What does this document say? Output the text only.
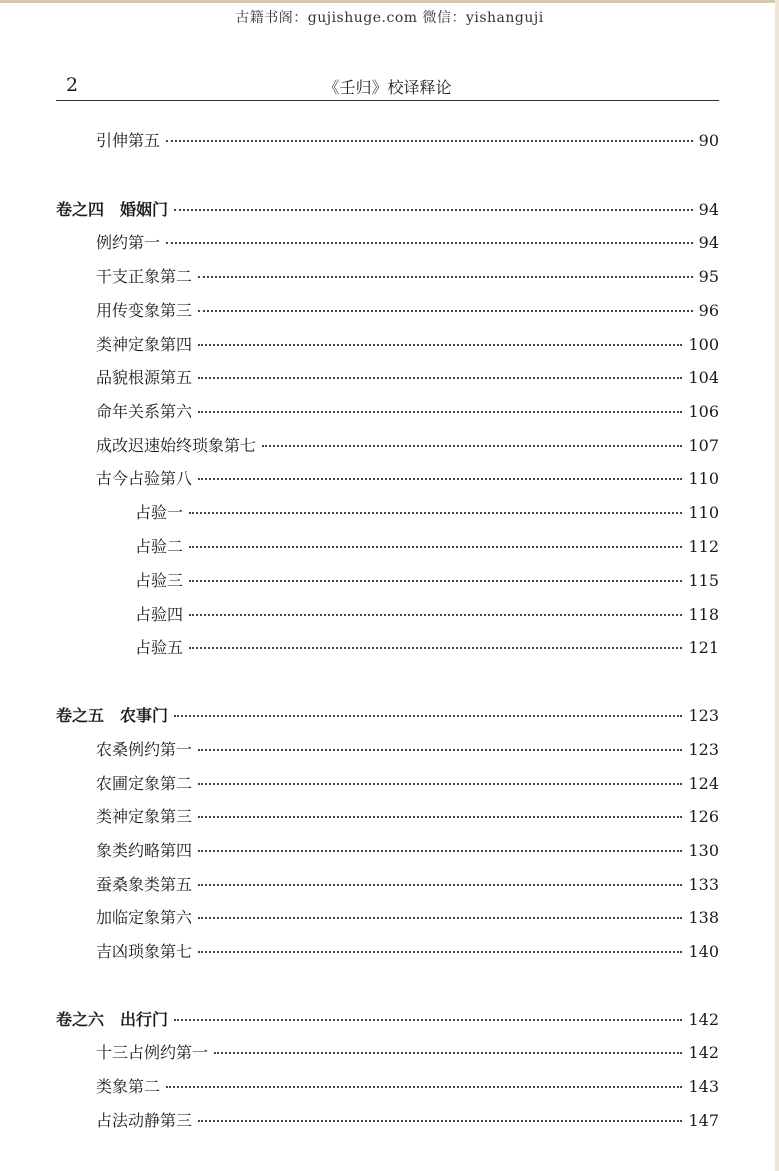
古籍书阁：gujishuge.com 微信：yishanguji
2	《壬归》校译释论
引伸第五	90
卷之四 婚姻门	94
例约第一	94
干支正象第二	95
用传变象第三	96
类神定象第四	100
品貌根源第五	104
命年关系第六	106
成改迟速始终琐象第七	107
古今占验第八	110
占验一	110
占验二	112
占验三	115
占验四	118
占验五	121
卷之五 农事门	123
农桑例约第一	123
农圃定象第二	124
类神定象第三	126
象类约略第四	130
蚕桑象类第五	133
加临定象第六	138
吉凶琐象第七	140
卷之六 出行门	142
十三占例约第一	142
类象第二	143
占法动静第三	147
